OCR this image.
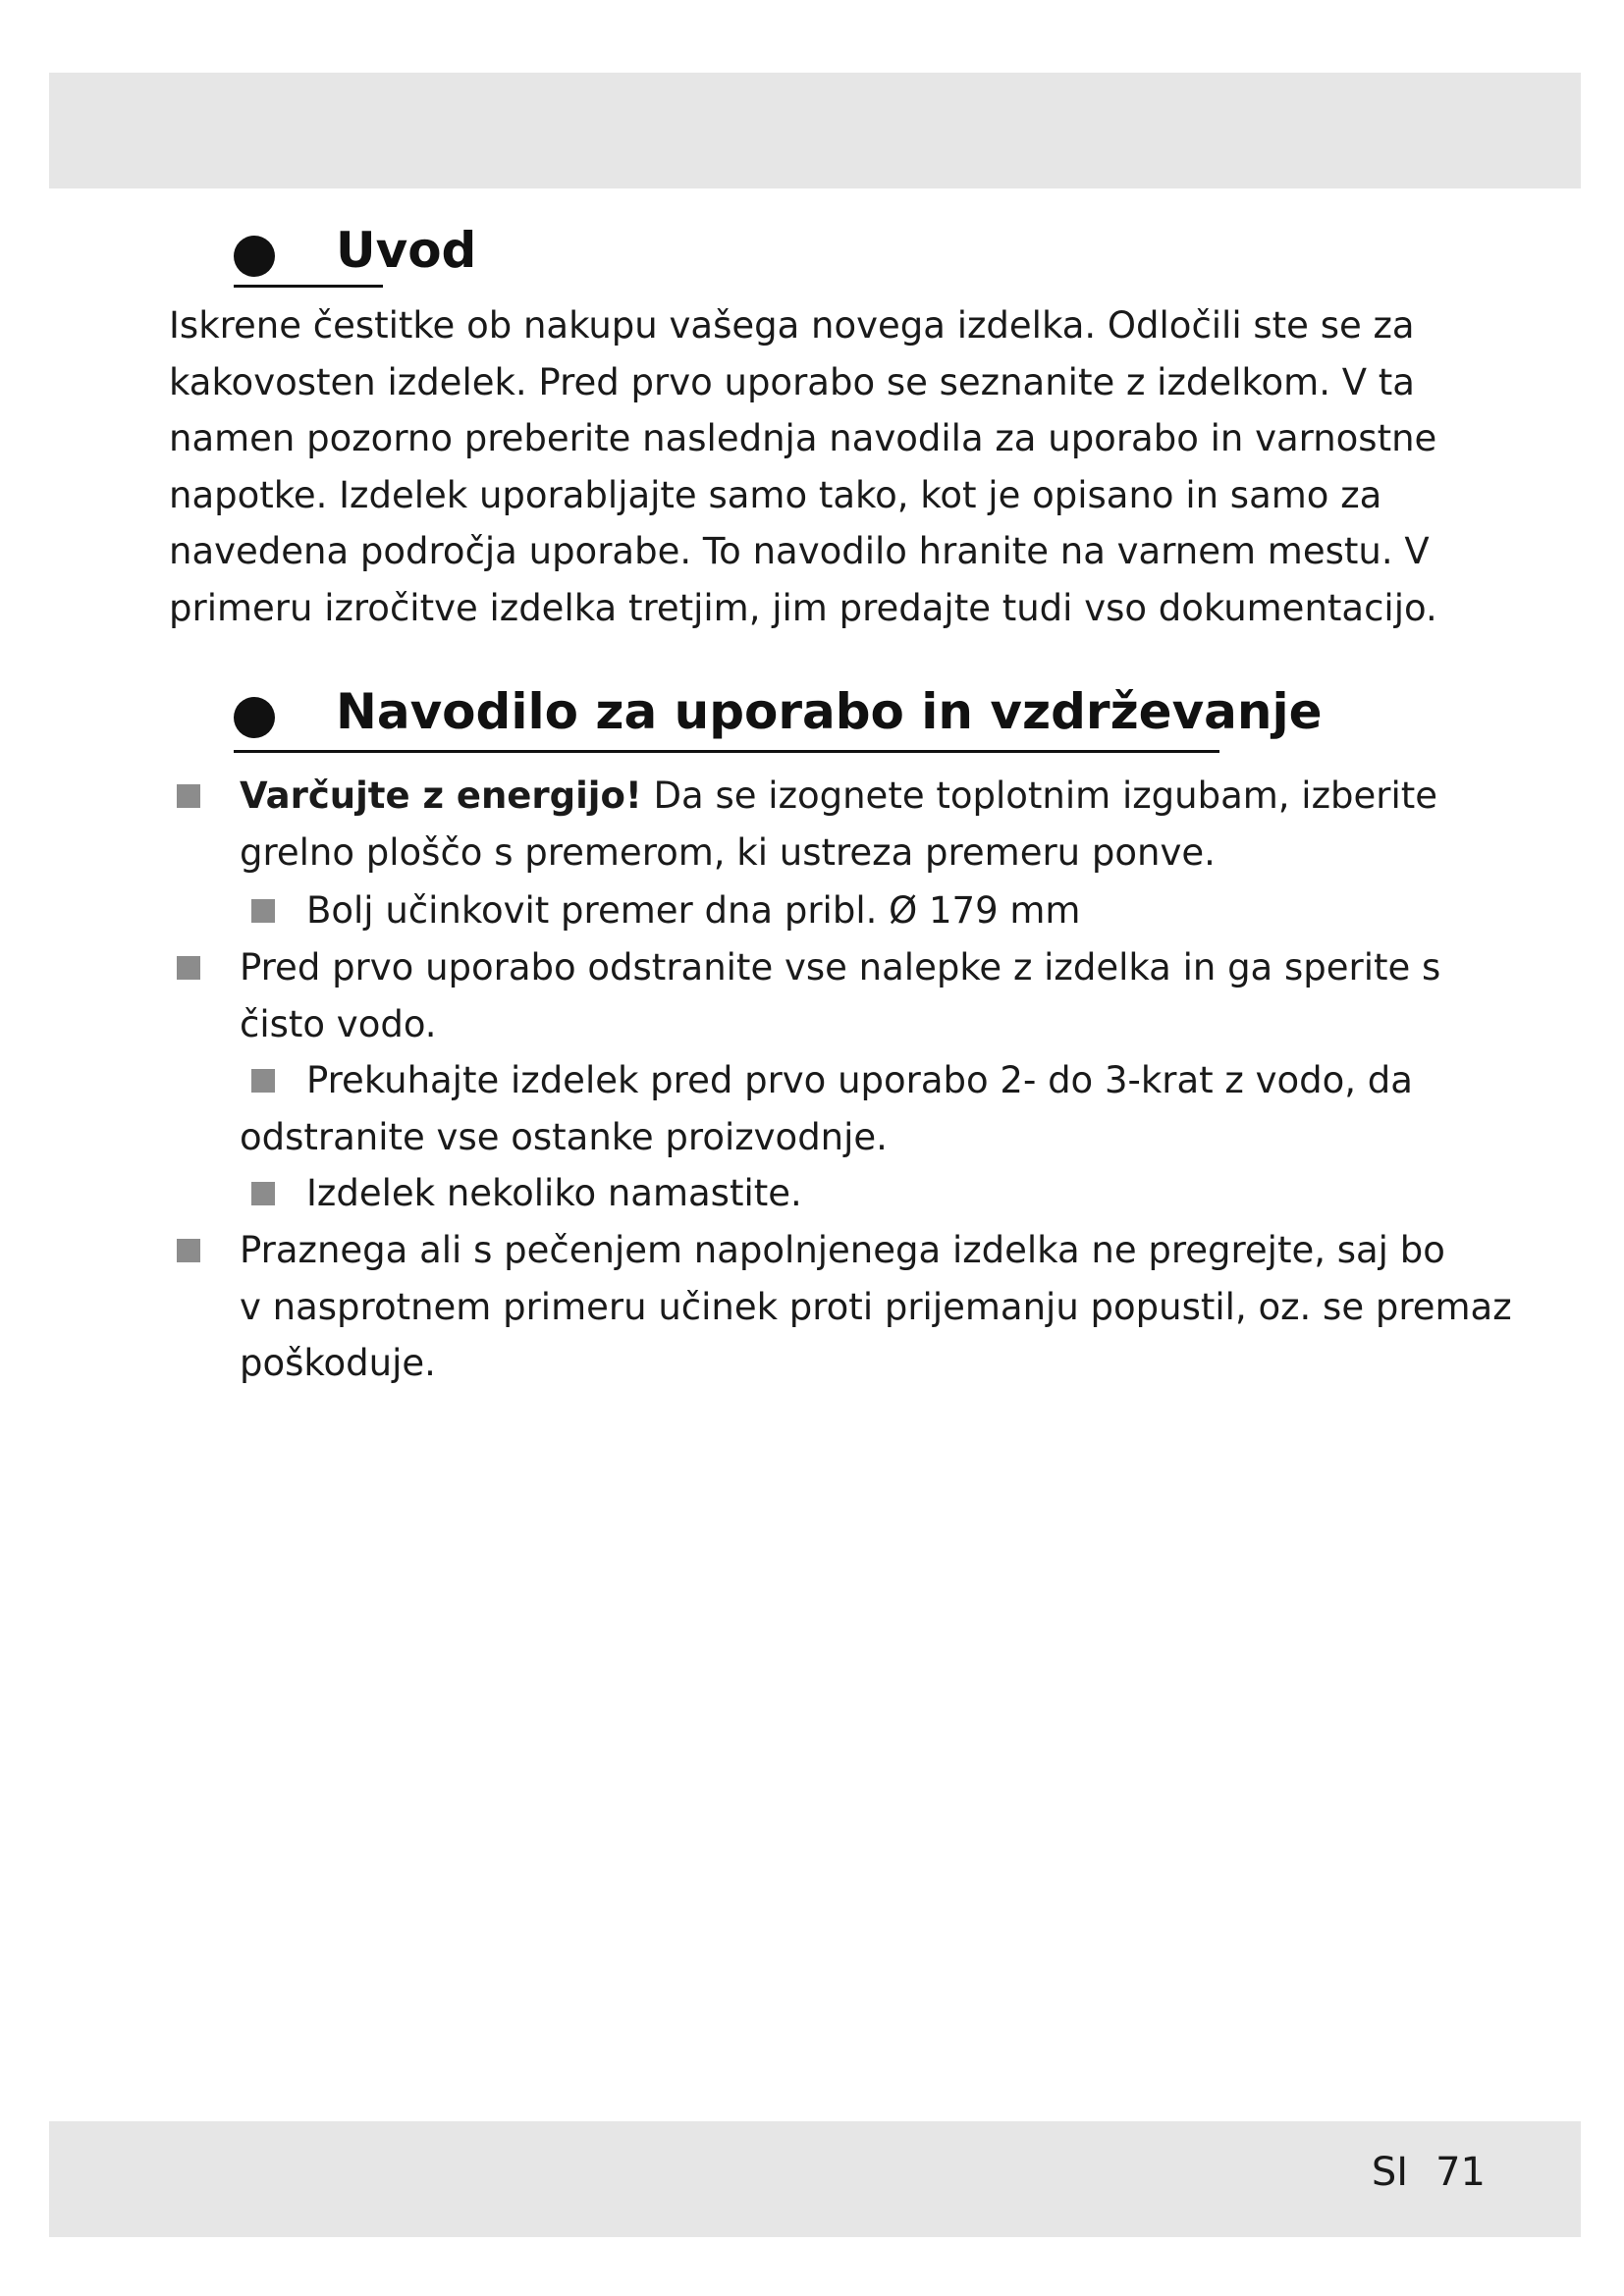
Uvod

Iskrene čestitke ob nakupu vašega novega izdelka. Odločili ste se za
kakovosten izdelek. Pred prvo uporabo se seznanite z izdelkom. V ta
namen pozorno preberite naslednja navodila za uporabo in varnostne
napotke. Izdelek uporabljajte samo tako, kot je opisano in samo za
navedena področja uporabe. To navodilo hranite na varnem mestu. V
primeru izročitve izdelka tretjim, jim predajte tudi vso dokumentacijo.

Navodilo za uporabo in vzdrževanje
Varčujte z energijo! Da se izognete toplotnim izgubam, izberite
grelno ploščo s premerom, ki ustreza premeru ponve.
Bolj učinkovit premer dna pribl. Ø 179 mm
Pred prvo uporabo odstranite vse nalepke z izdelka in ga sperite s
čisto vodo.
Prekuhajte izdelek pred prvo uporabo 2- do 3-krat z vodo, da
odstranite vse ostanke proizvodnje.
Izdelek nekoliko namastite.
Praznega ali s pečenjem napolnjenega izdelka ne pregrejte, saj bo
v nasprotnem primeru učinek proti prijemanju popustil, oz. se premaz
poškoduje.
SI 71
